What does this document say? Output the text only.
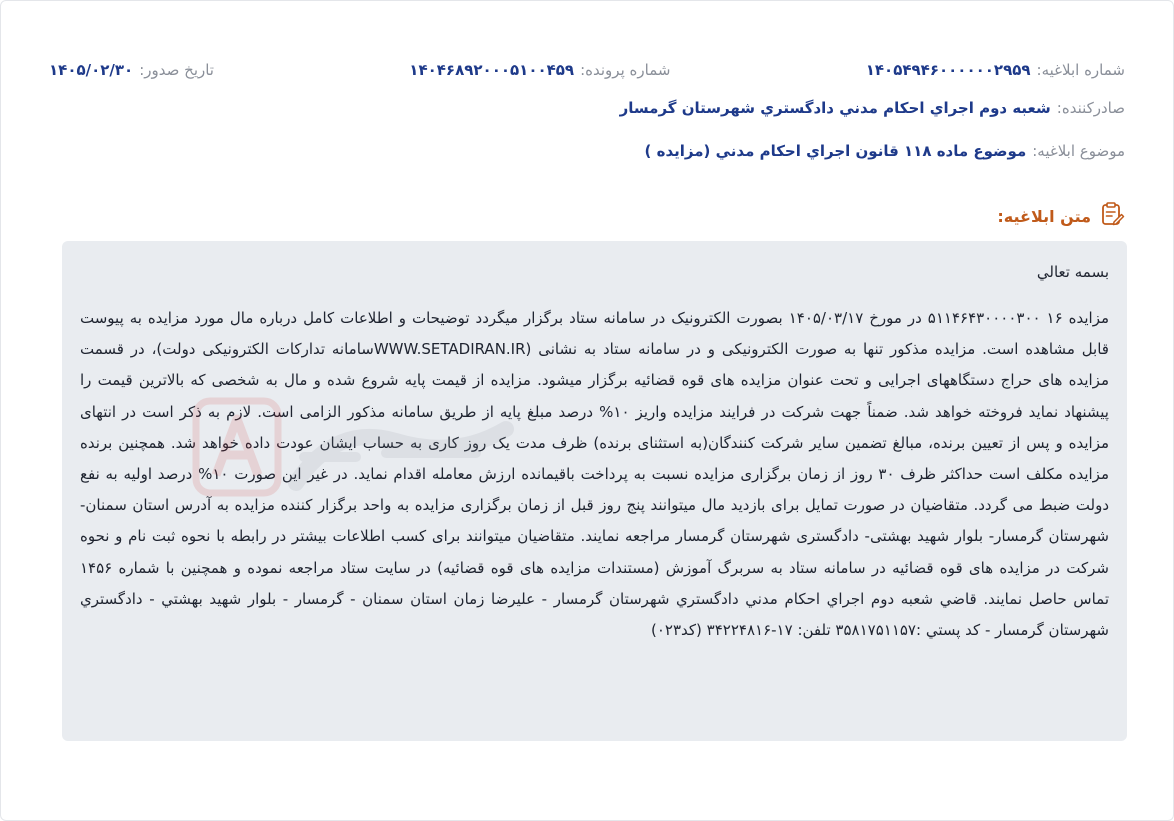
شماره ابلاغیه:
۱۴۰۵۴۹۴۶۰۰۰۰۰۰۲۹۵۹
شماره پرونده:
۱۴۰۴۶۸۹۲۰۰۰۵۱۰۰۴۵۹
تاریخ صدور:
۱۴۰۵/۰۲/۳۰
صادرکننده:
شعبه دوم اجراي احكام مدني دادگستري شهرستان گرمسار
موضوع ابلاغیه:
موضوع ماده ۱۱۸ قانون اجراي احكام مدني (مزايده )
متن ابلاغیه:
بسمه تعالي
مزایده ۱۶ ۵۱۱۴۶۴۳۰۰۰۰۳۰۰ در مورخ ۱۴۰۵/۰۳/۱۷ بصورت الکترونیک در سامانه ستاد برگزار میگردد توضیحات و اطلاعات کامل درباره مال مورد مزایده به پیوست قابل مشاهده است. مزایده مذکور تنها به صورت الکترونیکی و در سامانه ستاد به نشانی (WWW.SETADIRAN.IRسامانه تدارکات الکترونیکی دولت)، در قسمت مزایده های حراج دستگاههای اجرایی و تحت عنوان مزایده های قوه قضائیه برگزار میشود. مزایده از قیمت پایه شروع شده و مال به شخصی که بالاترین قیمت را پیشنهاد نماید فروخته خواهد شد. ضمناً جهت شرکت در فرایند مزایده واریز ۱۰% درصد مبلغ پایه از طریق سامانه مذکور الزامی است. لازم به ذکر است در انتهای مزایده و پس از تعیین برنده، مبالغ تضمین سایر شرکت کنندگان(به استثنای برنده) ظرف مدت یک روز کاری به حساب ایشان عودت داده خواهد شد. همچنین برنده مزایده مکلف است حداکثر ظرف ۳۰ روز از زمان برگزاری مزایده نسبت به پرداخت باقیمانده ارزش معامله اقدام نماید. در غیر این صورت ۱۰% درصد اولیه به نفع دولت ضبط می گردد. متقاضیان در صورت تمایل برای بازدید مال میتوانند پنج روز قبل از زمان برگزاری مزایده به واحد برگزار کننده مزایده به آدرس استان سمنان- شهرستان گرمسار- بلوار شهید بهشتی- دادگستری شهرستان گرمسار مراجعه نمایند. متقاضیان میتوانند برای کسب اطلاعات بیشتر در رابطه با نحوه ثبت نام و نحوه شرکت در مزایده های قوه قضائیه در سامانه ستاد به سربرگ آموزش (مستندات مزایده های قوه قضائیه) در سایت ستاد مراجعه نموده و همچنین با شماره ۱۴۵۶ تماس حاصل نمایند. قاضي شعبه دوم اجراي احكام مدني دادگستري شهرستان گرمسار - عليرضا زمان استان سمنان - گرمسار - بلوار شهيد بهشتي - دادگستري شهرستان گرمسار - كد پستي :۳۵۸۱۷۵۱۱۵۷ تلفن: ۱۷-۳۴۲۲۴۸۱۶ (كد۰۲۳)
